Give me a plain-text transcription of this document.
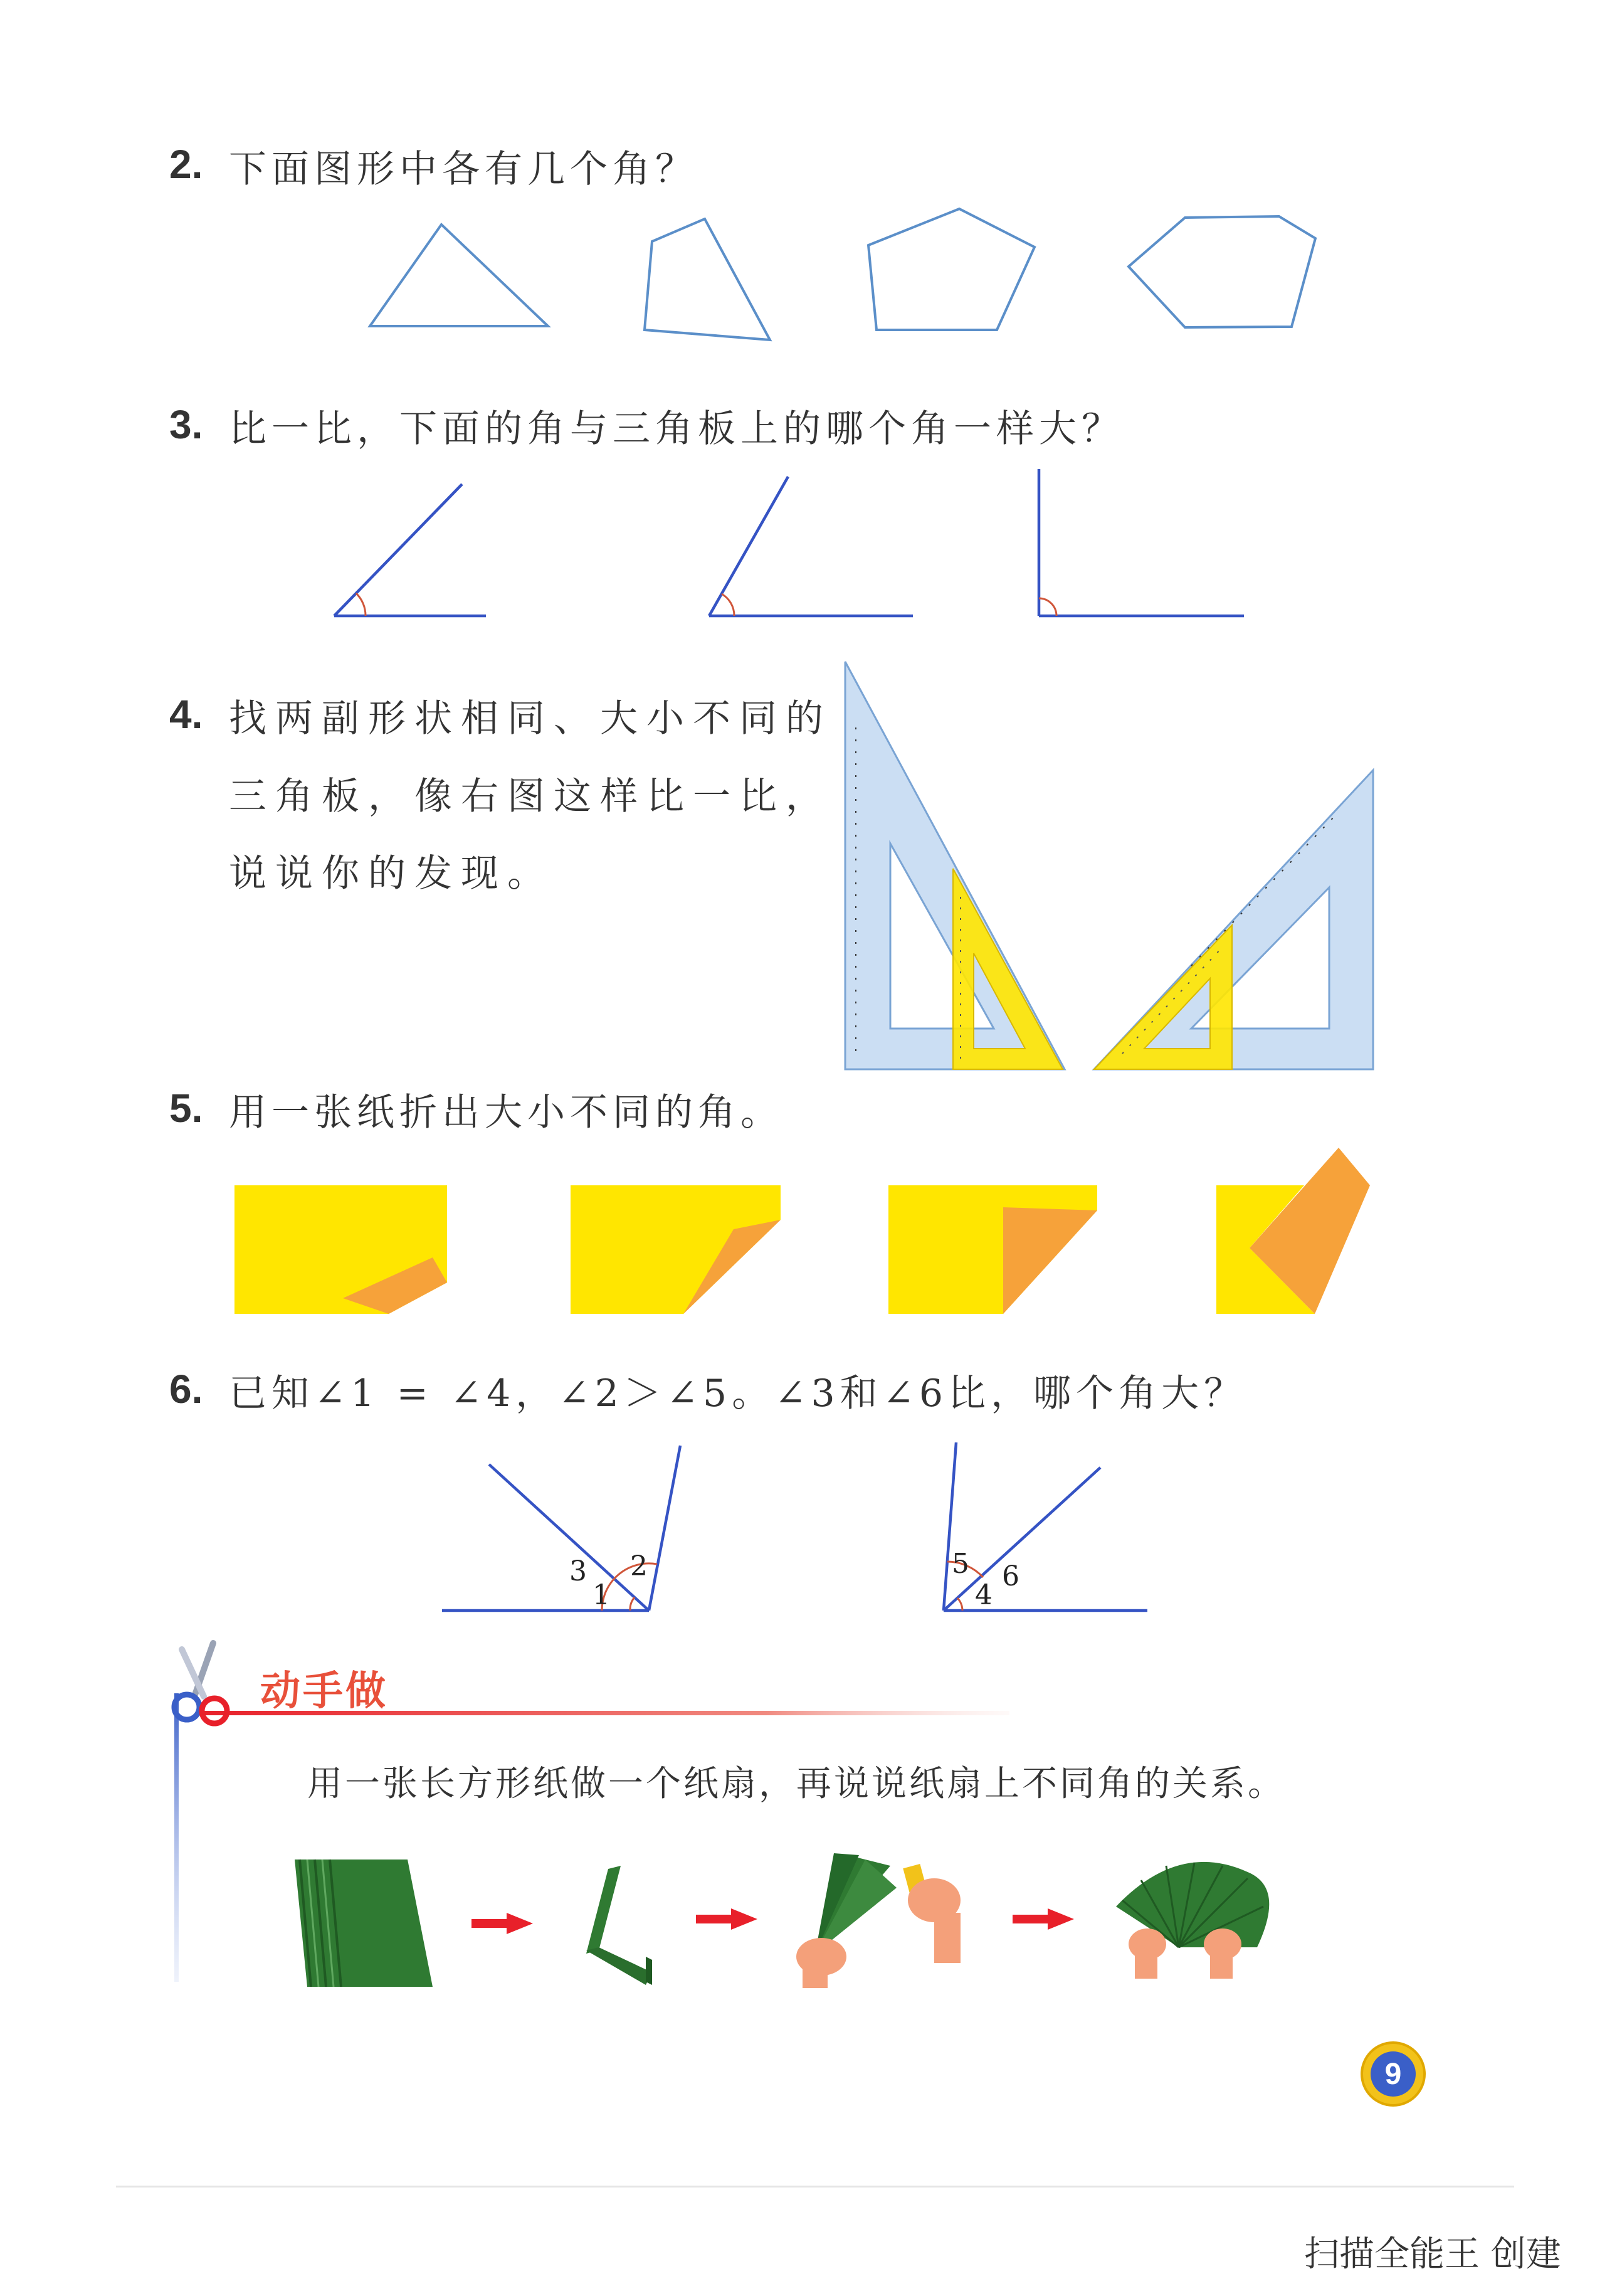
2. 下面图形中各有几个角？
3. 比一比，下面的角与三角板上的哪个角一样大？
4. 找两副形状相同、大小不同的
三角板，像右图这样比一比，
说说你的发现。
5. 用一张纸折出大小不同的角。
6. 已知∠1 = ∠4，∠2＞∠5。∠3和∠6比，哪个角大？
1
2
3
4
5 6
动手做
用一张长方形纸做一个纸扇，再说说纸扇上不同角的关系。
9
扫描全能王 创建
